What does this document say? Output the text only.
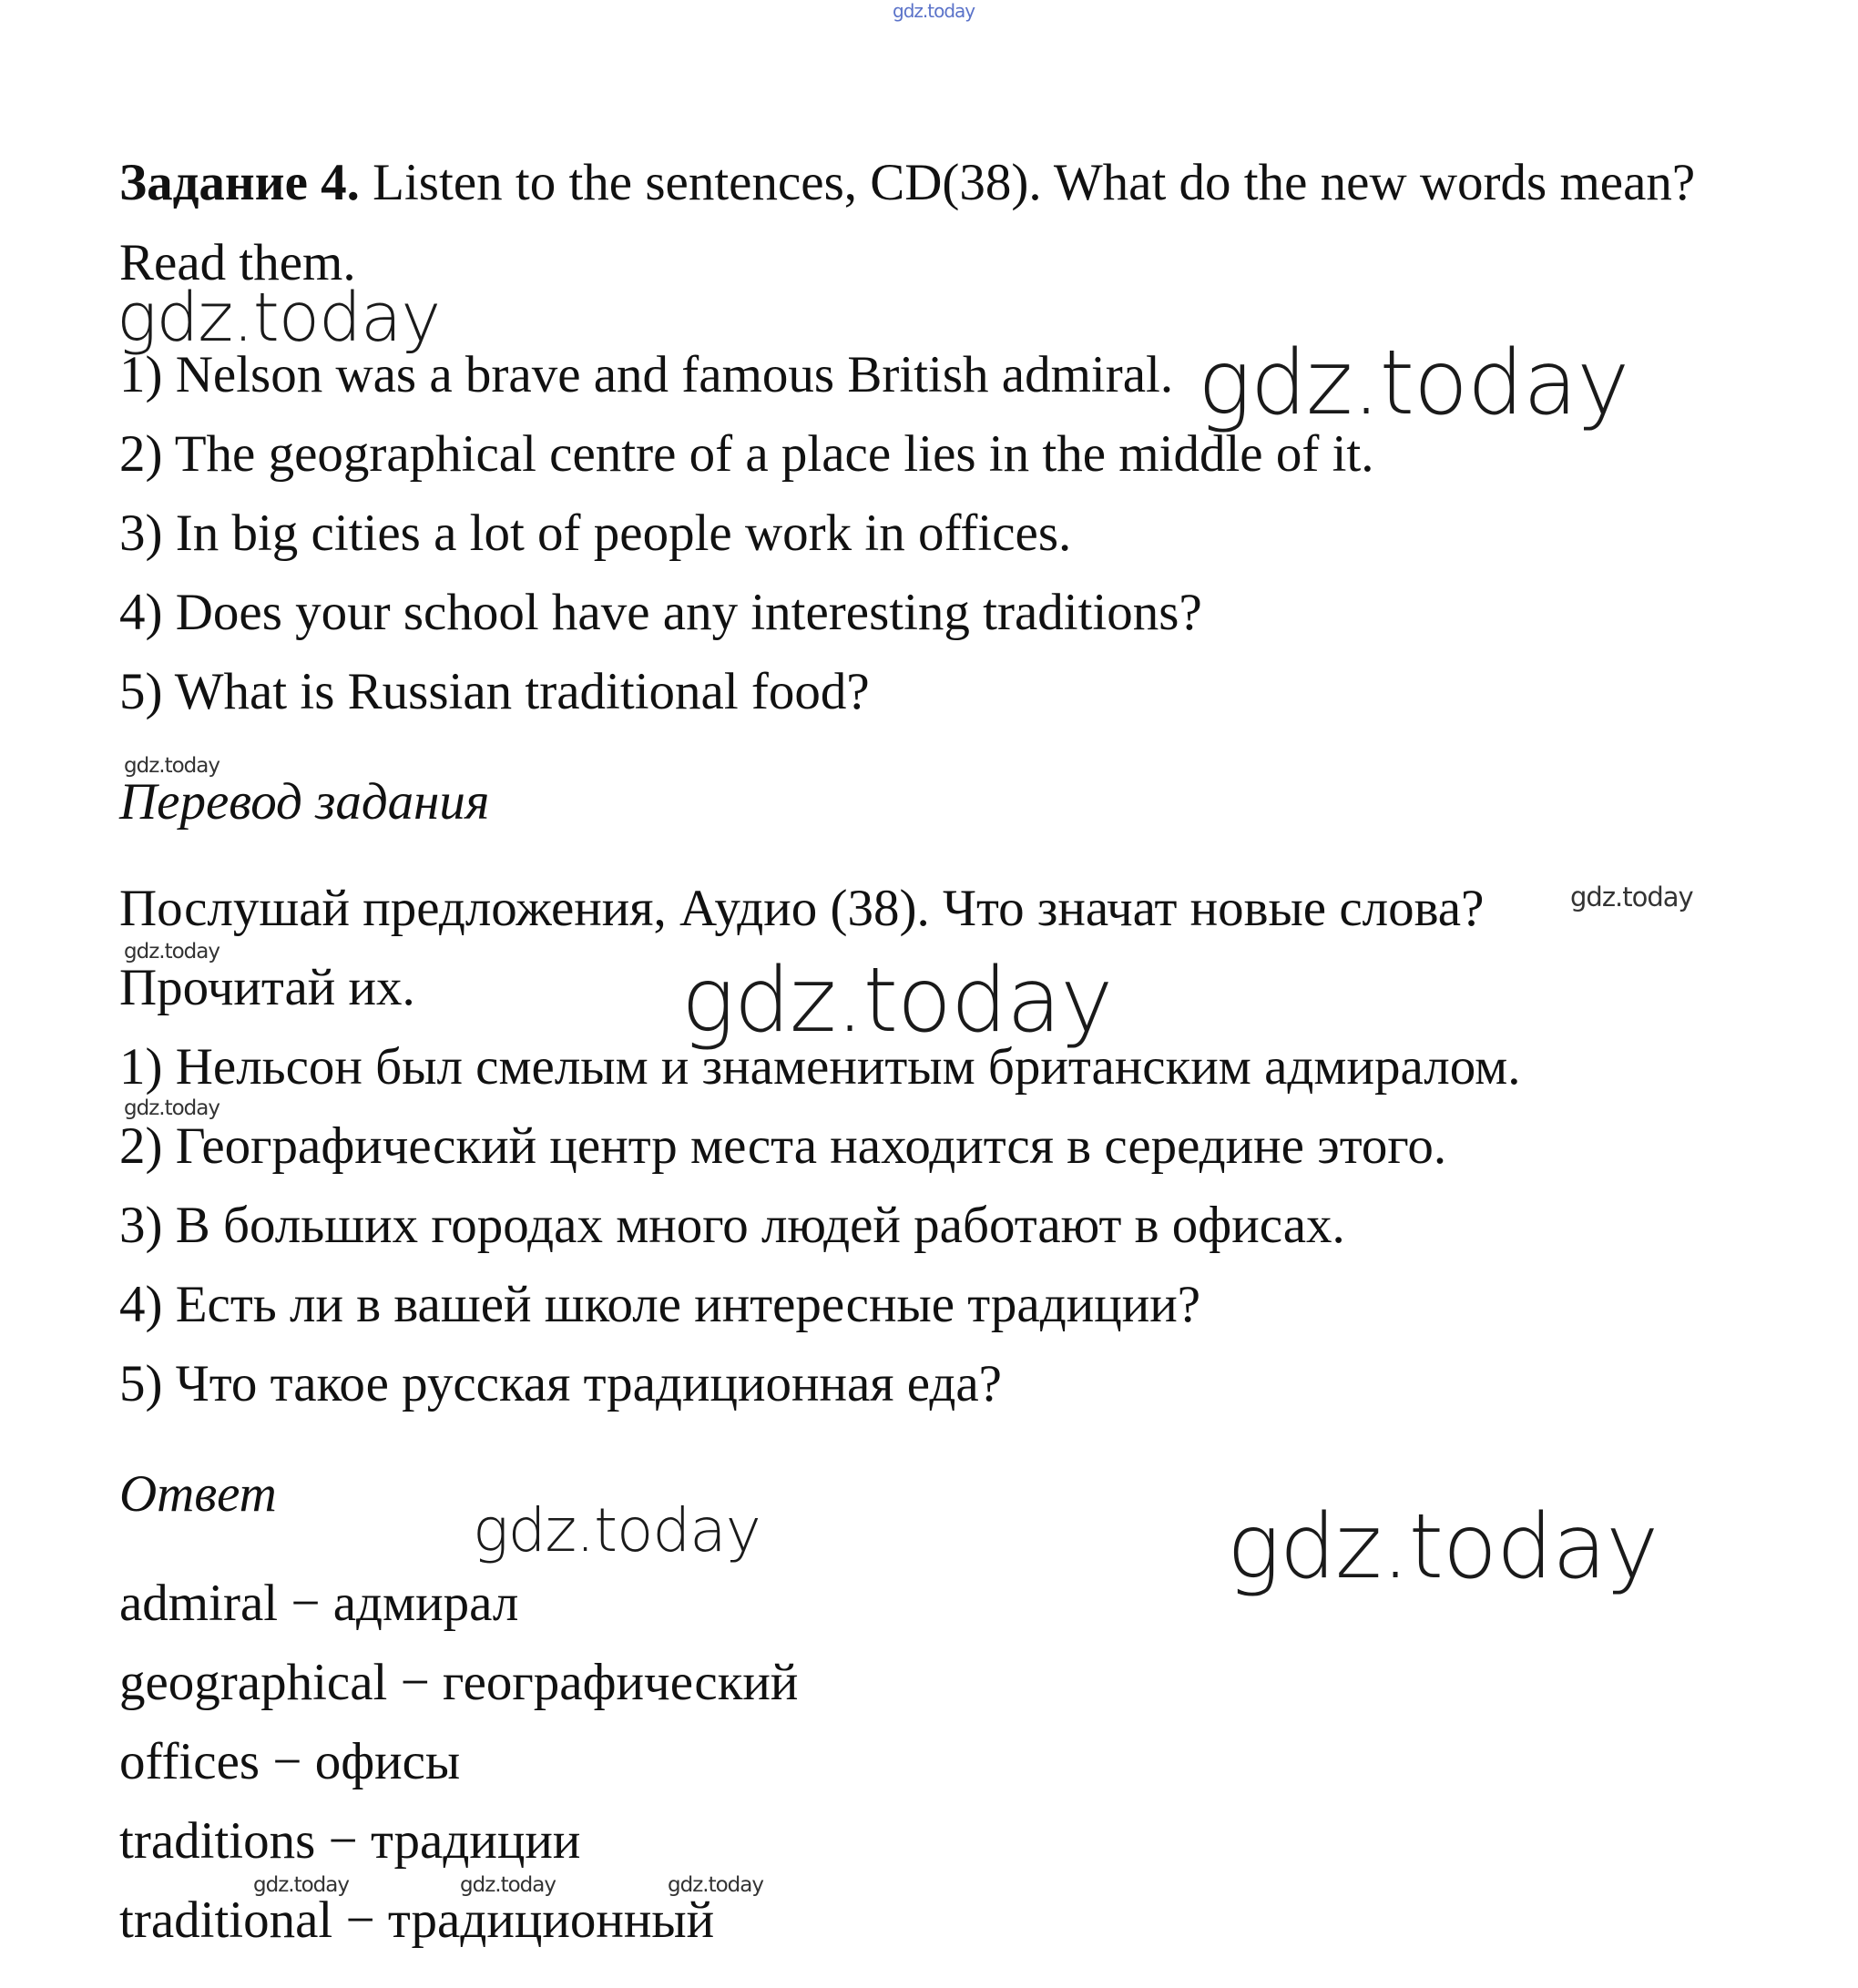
gdz.today
gdz.today
gdz.today
gdz.today
gdz.today
gdz.today	gdz.today
gdz.today
gdz.today	gdz.today
gdz.today	gdz.today	gdz.today
Задание 4. Listen to the sentences, CD(38). What do the new words mean?
Read them.
1) Nelson was a brave and famous British admiral.
2) The geographical centre of a place lies in the middle of it.
3) In big cities a lot of people work in offices.
4) Does your school have any interesting traditions?
5) What is Russian traditional food?
Перевод задания
Послушай предложения, Аудио (38). Что значат новые слова?
Прочитай их.
1) Нельсон был смелым и знаменитым британским адмиралом.
2) Географический центр места находится в середине этого.
3) В больших городах много людей работают в офисах.
4) Есть ли в вашей школе интересные традиции?
5) Что такое русская традиционная еда?
Ответ
admiral − адмирал
geographical − географический
offices − офисы
traditions − традиции
traditional − традиционный
